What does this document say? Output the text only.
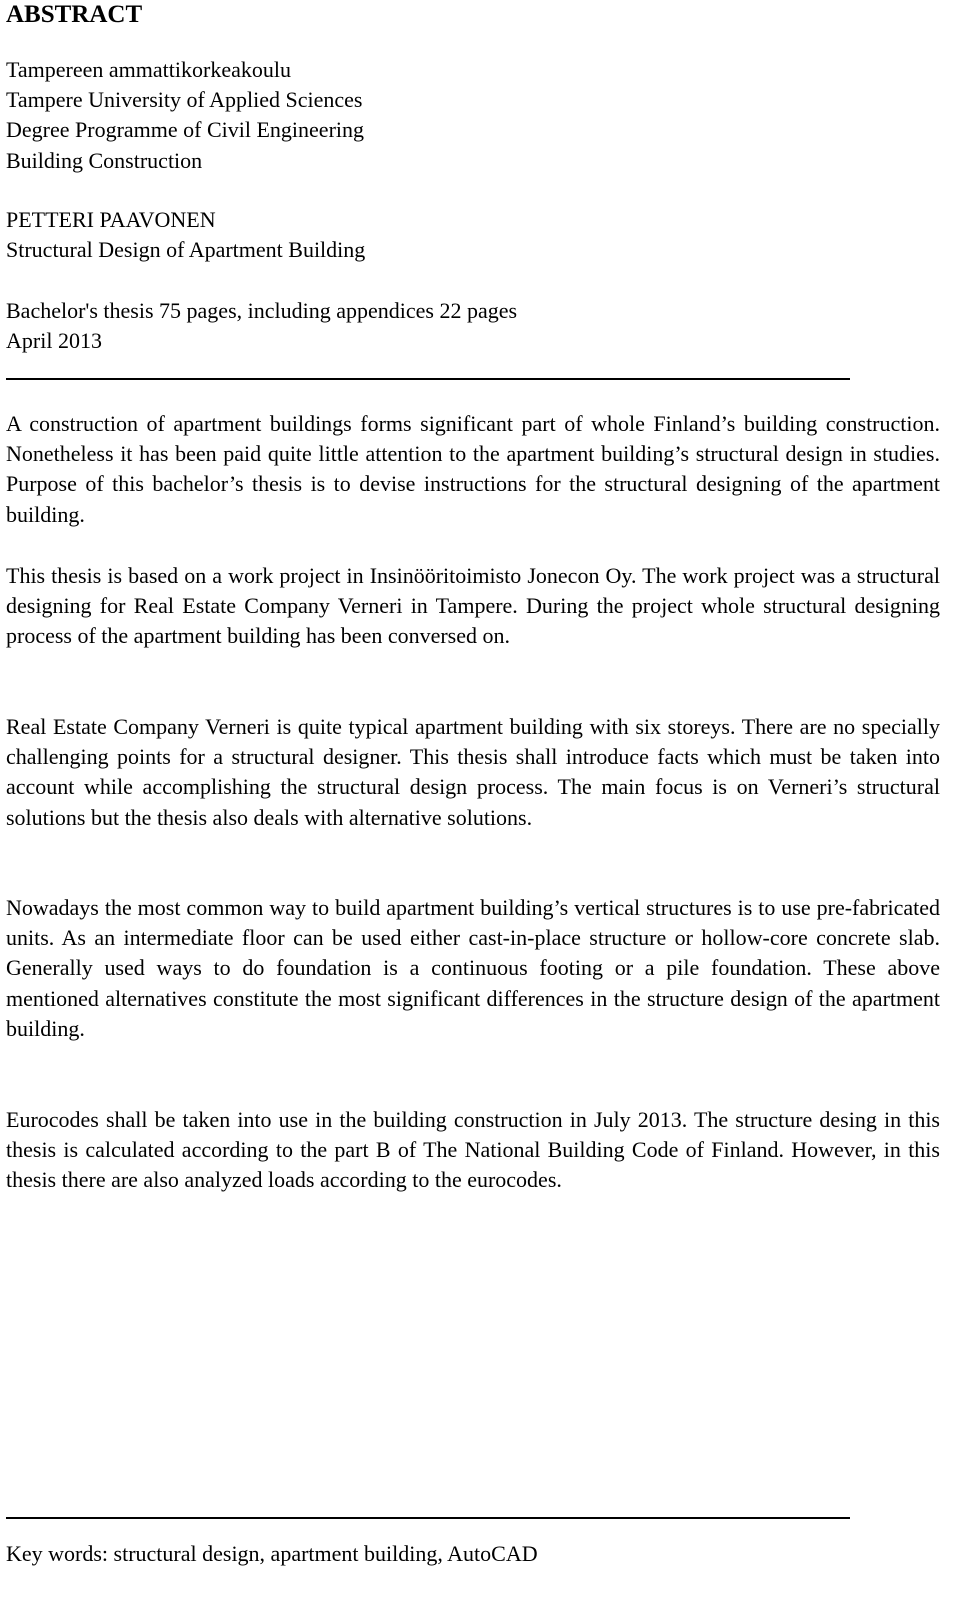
ABSTRACT
Tampereen ammattikorkeakoulu
Tampere University of Applied Sciences
Degree Programme of Civil Engineering
Building Construction
PETTERI PAAVONEN
Structural Design of Apartment Building
Bachelor's thesis 75 pages, including appendices 22 pages
April 2013

A construction of apartment buildings forms significant part of whole Finland’s building construction. Nonetheless it has been paid quite little attention to the apartment building’s structural design in studies. Purpose of this bachelor’s thesis is to devise instructions for the structural designing of the apartment building.

This thesis is based on a work project in Insinööritoimisto Jonecon Oy. The work project was a structural designing for Real Estate Company Verneri in Tampere. During the project whole structural designing process of the apartment building has been conversed on.

Real Estate Company Verneri is quite typical apartment building with six storeys. There are no specially challenging points for a structural designer. This thesis shall introduce facts which must be taken into account while accomplishing the structural design process. The main focus is on Verneri’s structural solutions but the thesis also deals with alternative solutions.

Nowadays the most common way to build apartment building’s vertical structures is to use pre-fabricated units. As an intermediate floor can be used either cast-in-place structure or hollow-core concrete slab. Generally used ways to do foundation is a continuous footing or a pile foundation. These above mentioned alternatives constitute the most significant differences in the structure design of the apartment building.

Eurocodes shall be taken into use in the building construction in July 2013. The structure desing in this thesis is calculated according to the part B of The National Building Code of Finland. However, in this thesis there are also analyzed loads according to the eurocodes.

Key words: structural design, apartment building, AutoCAD
